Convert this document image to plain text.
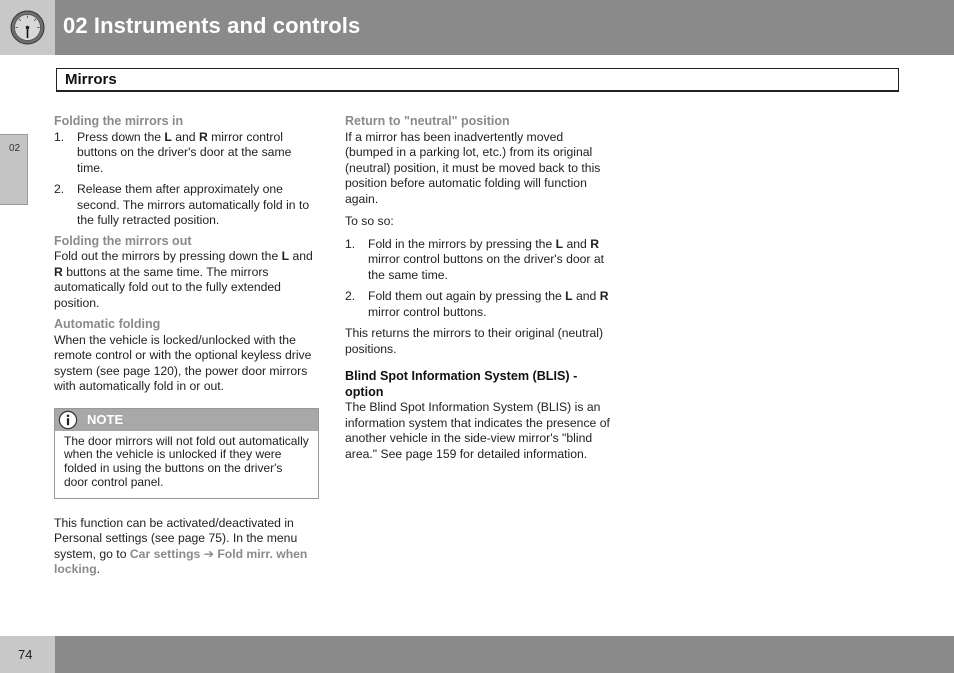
02 Instruments and controls
Mirrors
02
Folding the mirrors in
1. Press down the L and R mirror control buttons on the driver's door at the same time.
2. Release them after approximately one second. The mirrors automatically fold in to the fully retracted position.
Folding the mirrors out
Fold out the mirrors by pressing down the L and R buttons at the same time. The mirrors automatically fold out to the fully extended position.
Automatic folding
When the vehicle is locked/unlocked with the remote control or with the optional keyless drive system (see page 120), the power door mirrors with automatically fold in or out.
NOTE
The door mirrors will not fold out automatically when the vehicle is unlocked if they were folded in using the buttons on the driver's door control panel.
This function can be activated/deactivated in Personal settings (see page 75). In the menu system, go to Car settings ➔ Fold mirr. when locking.
Return to "neutral" position
If a mirror has been inadvertently moved (bumped in a parking lot, etc.) from its original (neutral) position, it must be moved back to this position before automatic folding will function again.
To so so:
1. Fold in the mirrors by pressing the L and R mirror control buttons on the driver's door at the same time.
2. Fold them out again by pressing the L and R mirror control buttons.
This returns the mirrors to their original (neutral) positions.
Blind Spot Information System (BLIS) - option
The Blind Spot Information System (BLIS) is an information system that indicates the presence of another vehicle in the side-view mirror's "blind area." See page 159 for detailed information.
74
